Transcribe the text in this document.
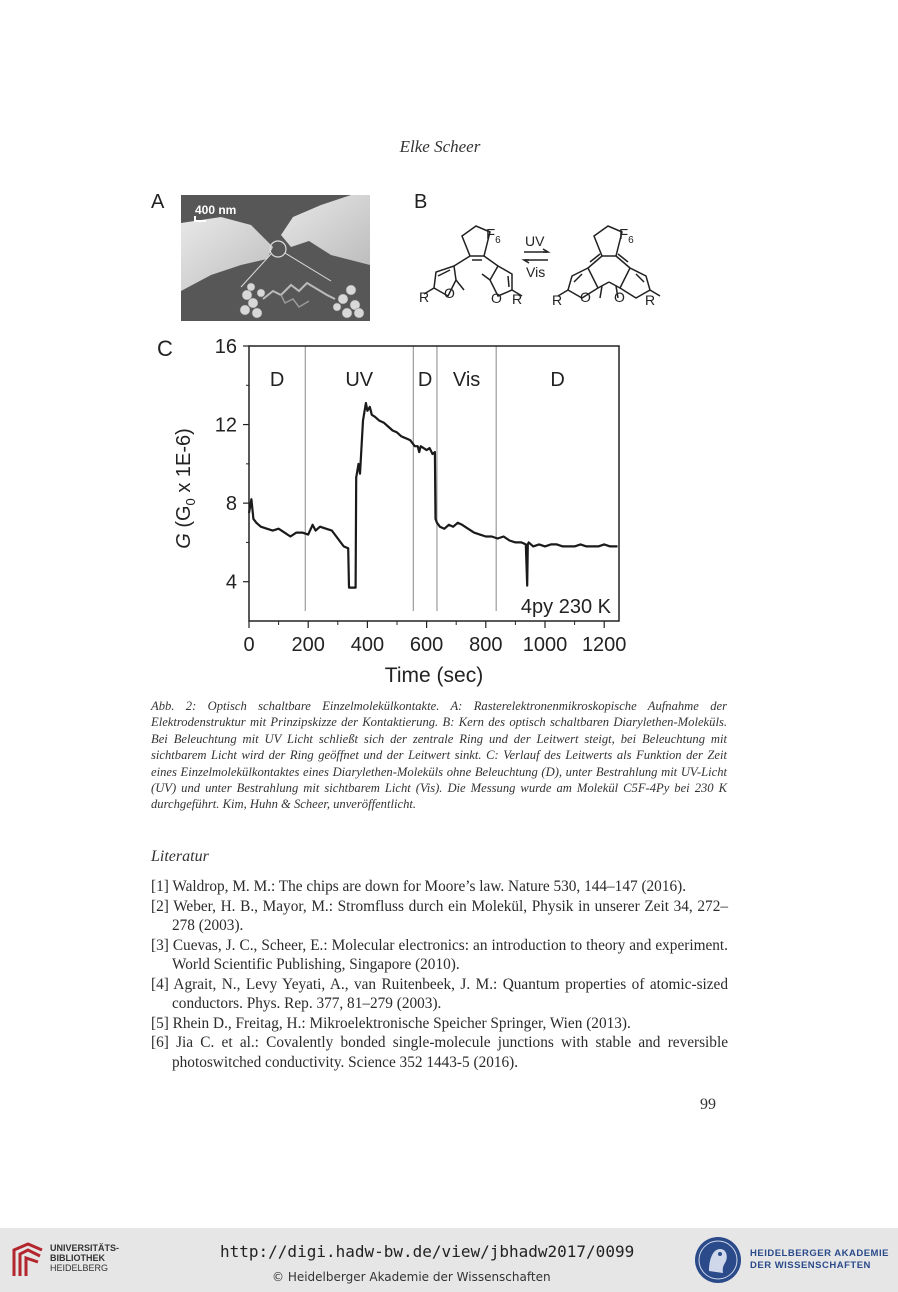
Elke Scheer
A	400 nm	B
$F_6$	$F_6$
UV
Vis
O	O
R	R	O O
R	R
C
0 200 400 600 800 1000 1200
4
8
12
16
D	UV D Vis	D
4py 230 K
Time (sec)
G ($G_0$ x 1E-6)
Abb. 2: Optisch schaltbare Einzelmolekülkontakte. A: Rasterelektronenmikroskopische Aufnahme der Elektrodenstruktur mit Prinzipskizze der Kontaktierung. B: Kern des optisch schaltbaren Diarylethen-Moleküls. Bei Beleuchtung mit UV Licht schließt sich der zentrale Ring und der Leitwert steigt, bei Beleuchtung mit sichtbarem Licht wird der Ring geöffnet und der Leitwert sinkt. C: Verlauf des Leitwerts als Funktion der Zeit eines Einzelmolekülkontaktes eines Diarylethen-Moleküls ohne Beleuchtung (D), unter Bestrahlung mit UV-Licht (UV) und unter Bestrahlung mit sichtbarem Licht (Vis). Die Messung wurde am Molekül C5F-4Py bei 230 K durchgeführt. Kim, Huhn & Scheer, unveröffentlicht.
Literatur
[1] Waldrop, M. M.: The chips are down for Moore’s law. Nature 530, 144–147 (2016).
[2] Weber, H. B., Mayor, M.: Stromfluss durch ein Molekül, Physik in unserer Zeit 34, 272–278 (2003).
[3] Cuevas, J. C., Scheer, E.: Molecular electronics: an introduction to theory and experiment. World Scientific Publishing, Singapore (2010).
[4] Agrait, N., Levy Yeyati, A., van Ruitenbeek, J. M.: Quantum properties of atomic-sized conductors. Phys. Rep. 377, 81–279 (2003).
[5] Rhein D., Freitag, H.: Mikroelektronische Speicher Springer, Wien (2013).
[6] Jia C. et al.: Covalently bonded single-molecule junctions with stable and reversible photoswitched conductivity. Science 352 1443-5 (2016).
99
UNIVERSITÄTS-
BIBLIOTHEK
HEIDELBERG
http://digi.hadw-bw.de/view/jbhadw2017/0099
© Heidelberger Akademie der Wissenschaften
HEIDELBERGER AKADEMIE
DER WISSENSCHAFTEN
